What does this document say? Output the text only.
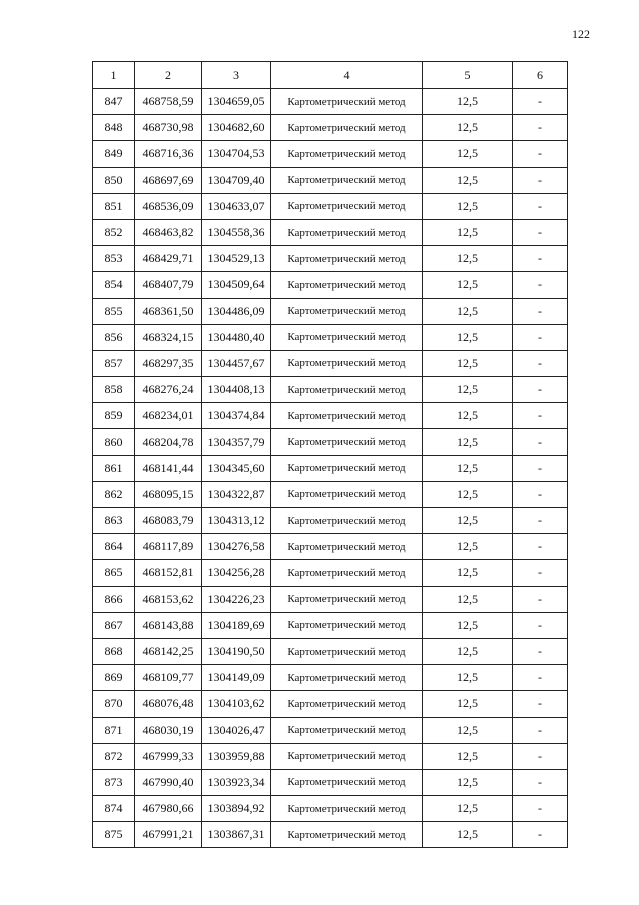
122
1	2	3	4	5	6
847	468758,59	1304659,05	Картометрический метод	12,5	-
848	468730,98	1304682,60	Картометрический метод	12,5	-
849	468716,36	1304704,53	Картометрический метод	12,5	-
850	468697,69	1304709,40	Картометрический метод	12,5	-
851	468536,09	1304633,07	Картометрический метод	12,5	-
852	468463,82	1304558,36	Картометрический метод	12,5	-
853	468429,71	1304529,13	Картометрический метод	12,5	-
854	468407,79	1304509,64	Картометрический метод	12,5	-
855	468361,50	1304486,09	Картометрический метод	12,5	-
856	468324,15	1304480,40	Картометрический метод	12,5	-
857	468297,35	1304457,67	Картометрический метод	12,5	-
858	468276,24	1304408,13	Картометрический метод	12,5	-
859	468234,01	1304374,84	Картометрический метод	12,5	-
860	468204,78	1304357,79	Картометрический метод	12,5	-
861	468141,44	1304345,60	Картометрический метод	12,5	-
862	468095,15	1304322,87	Картометрический метод	12,5	-
863	468083,79	1304313,12	Картометрический метод	12,5	-
864	468117,89	1304276,58	Картометрический метод	12,5	-
865	468152,81	1304256,28	Картометрический метод	12,5	-
866	468153,62	1304226,23	Картометрический метод	12,5	-
867	468143,88	1304189,69	Картометрический метод	12,5	-
868	468142,25	1304190,50	Картометрический метод	12,5	-
869	468109,77	1304149,09	Картометрический метод	12,5	-
870	468076,48	1304103,62	Картометрический метод	12,5	-
871	468030,19	1304026,47	Картометрический метод	12,5	-
872	467999,33	1303959,88	Картометрический метод	12,5	-
873	467990,40	1303923,34	Картометрический метод	12,5	-
874	467980,66	1303894,92	Картометрический метод	12,5	-
875	467991,21	1303867,31	Картометрический метод	12,5	-
